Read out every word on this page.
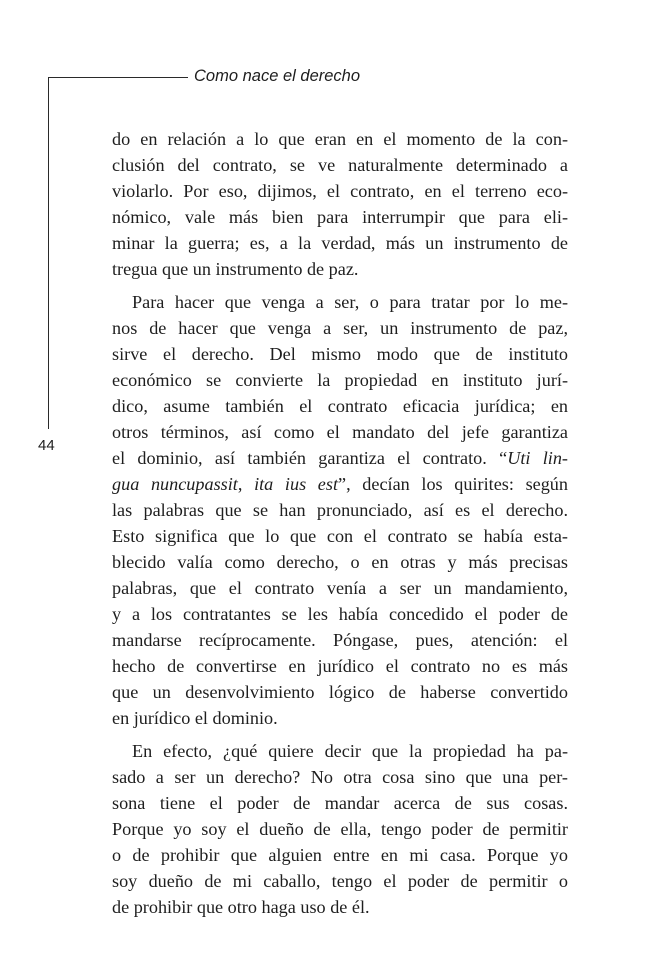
Como nace el derecho
44
do en relación a lo que eran en el momento de la con-
clusión del contrato, se ve naturalmente determinado a
violarlo. Por eso, dijimos, el contrato, en el terreno eco-
nómico, vale más bien para interrumpir que para eli-
minar la guerra; es, a la verdad, más un instrumento de
tregua que un instrumento de paz.
Para hacer que venga a ser, o para tratar por lo me-
nos de hacer que venga a ser, un instrumento de paz,
sirve el derecho. Del mismo modo que de instituto
económico se convierte la propiedad en instituto jurí-
dico, asume también el contrato eficacia jurídica; en
otros términos, así como el mandato del jefe garantiza
el dominio, así también garantiza el contrato. “Uti lin-
gua nuncupassit, ita ius est”, decían los quirites: según
las palabras que se han pronunciado, así es el derecho.
Esto significa que lo que con el contrato se había esta-
blecido valía como derecho, o en otras y más precisas
palabras, que el contrato venía a ser un mandamiento,
y a los contratantes se les había concedido el poder de
mandarse recíprocamente. Póngase, pues, atención: el
hecho de convertirse en jurídico el contrato no es más
que un desenvolvimiento lógico de haberse convertido
en jurídico el dominio.
En efecto, ¿qué quiere decir que la propiedad ha pa-
sado a ser un derecho? No otra cosa sino que una per-
sona tiene el poder de mandar acerca de sus cosas.
Porque yo soy el dueño de ella, tengo poder de permitir
o de prohibir que alguien entre en mi casa. Porque yo
soy dueño de mi caballo, tengo el poder de permitir o
de prohibir que otro haga uso de él.
